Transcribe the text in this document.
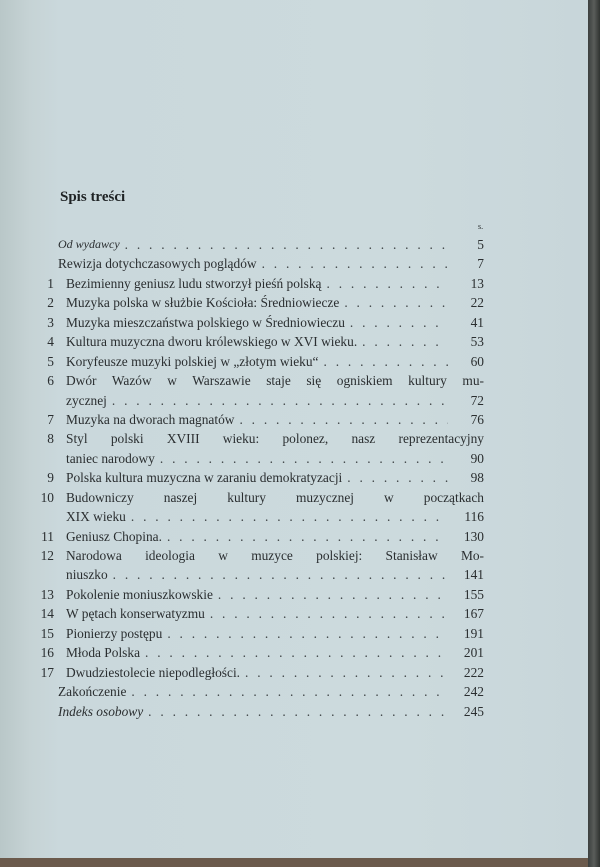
Spis treści
s.
Od wydawcy . . .	5
Rewizja dotychczasowych poglądów . . .	7
1 Bezimienny geniusz ludu stworzył pieśń polską . . .	13
2 Muzyka polska w służbie Kościoła: Średniowiecze . . .	22
3 Muzyka mieszczaństwa polskiego w Średniowieczu . . .	41
4 Kultura muzyczna dworu królewskiego w XVI wieku. . . .	53
5 Koryfeusze muzyki polskiej w „złotym wieku“ . . .	60
6 Dwór Wazów w Warszawie staje się ogniskiem kultury mu-
zycznej . . .	72
7 Muzyka na dworach magnatów . . .	76
8 Styl polski XVIII wieku: polonez, nasz reprezentacyjny
taniec narodowy . . .	90
9 Polska kultura muzyczna w zaraniu demokratyzacji . . .	98
10 Budowniczy naszej kultury muzycznej w początkach
XIX wieku . . .	116
11 Geniusz Chopina. . . .	130
12 Narodowa ideologia w muzyce polskiej: Stanisław Mo-
niuszko . . .	141
13 Pokolenie moniuszkowskie . . .	155
14 W pętach konserwatyzmu . . .	167
15 Pionierzy postępu . . .	191
16 Młoda Polska . . .	201
17 Dwudziestolecie niepodległości. . . .	222
Zakończenie . . .	242
Indeks osobowy . . .	245
